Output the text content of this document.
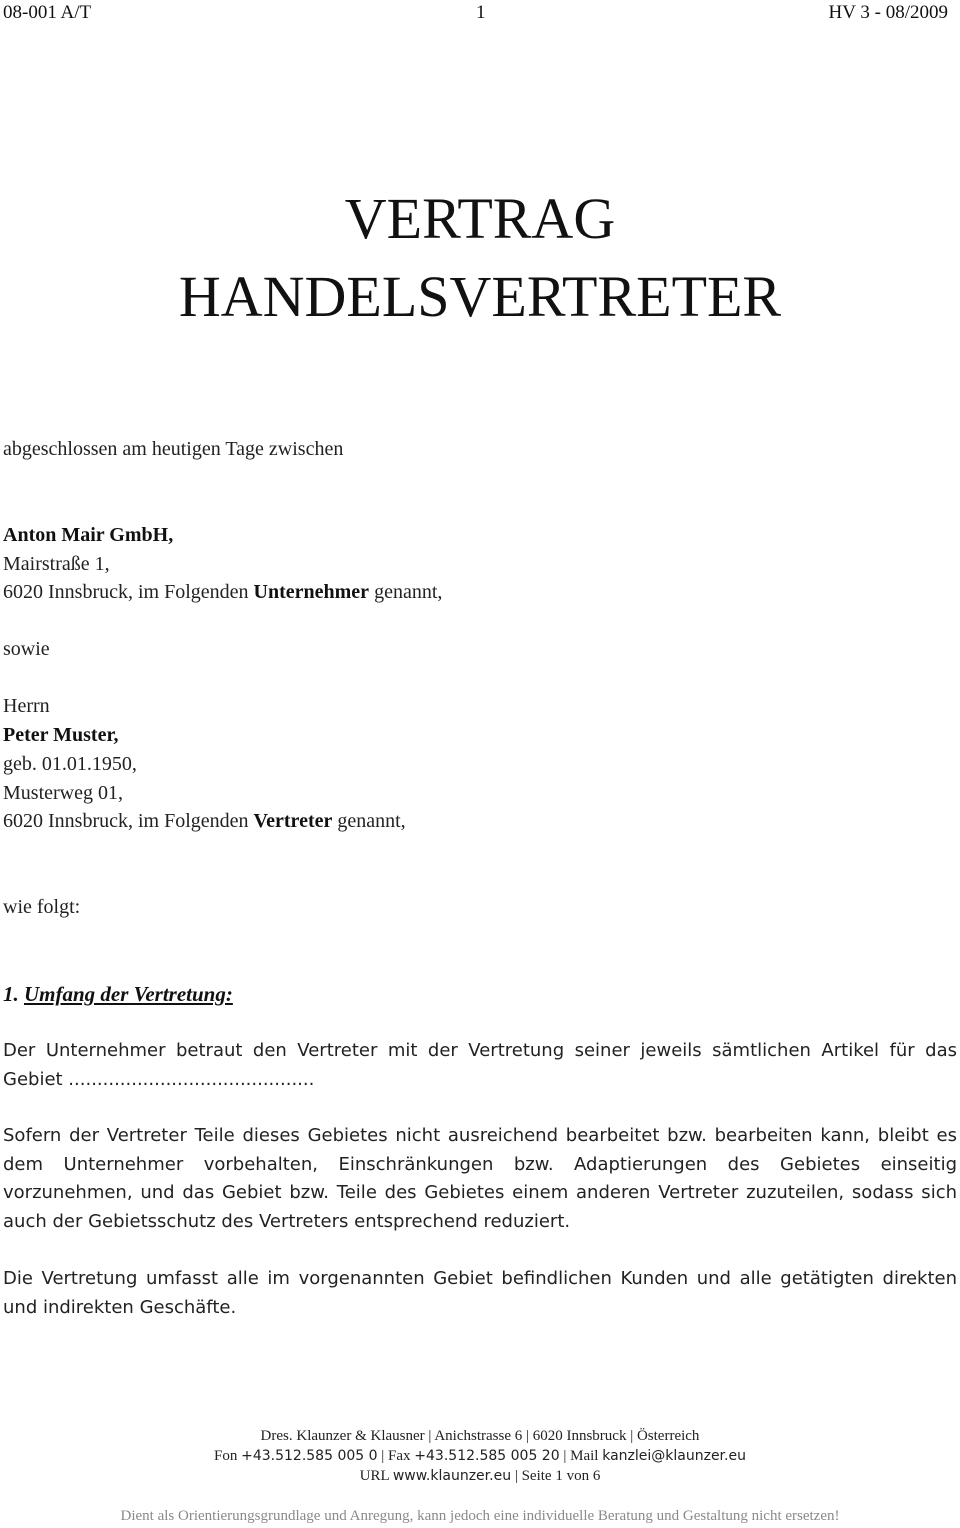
08-001 A/T	1	HV 3 - 08/2009
VERTRAG
HANDELSVERTRETER
abgeschlossen am heutigen Tage zwischen
Anton Mair GmbH,
Mairstraße 1,
6020 Innsbruck, im Folgenden Unternehmer genannt,
sowie
Herrn
Peter Muster,
geb. 01.01.1950,
Musterweg 01,
6020 Innsbruck, im Folgenden Vertreter genannt,
wie folgt:
1. Umfang der Vertretung:
Der Unternehmer betraut den Vertreter mit der Vertretung seiner jeweils sämtlichen Artikel für das Gebiet ...........................................
Sofern der Vertreter Teile dieses Gebietes nicht ausreichend bearbeitet bzw. bearbeiten kann, bleibt es dem Unternehmer vorbehalten, Einschränkungen bzw. Adaptierungen des Gebietes einseitig vorzunehmen, und das Gebiet bzw. Teile des Gebietes einem anderen Vertreter zuzuteilen, sodass sich auch der Gebietsschutz des Vertreters entsprechend reduziert.
Die Vertretung umfasst alle im vorgenannten Gebiet befindlichen Kunden und alle getätigten direkten und indirekten Geschäfte.
Dres. Klaunzer & Klausner | Anichstrasse 6 | 6020 Innsbruck | Österreich
Fon +43.512.585 005 0 | Fax +43.512.585 005 20 | Mail kanzlei@klaunzer.eu
URL www.klaunzer.eu | Seite 1 von 6
Dient als Orientierungsgrundlage und Anregung, kann jedoch eine individuelle Beratung und Gestaltung nicht ersetzen!
